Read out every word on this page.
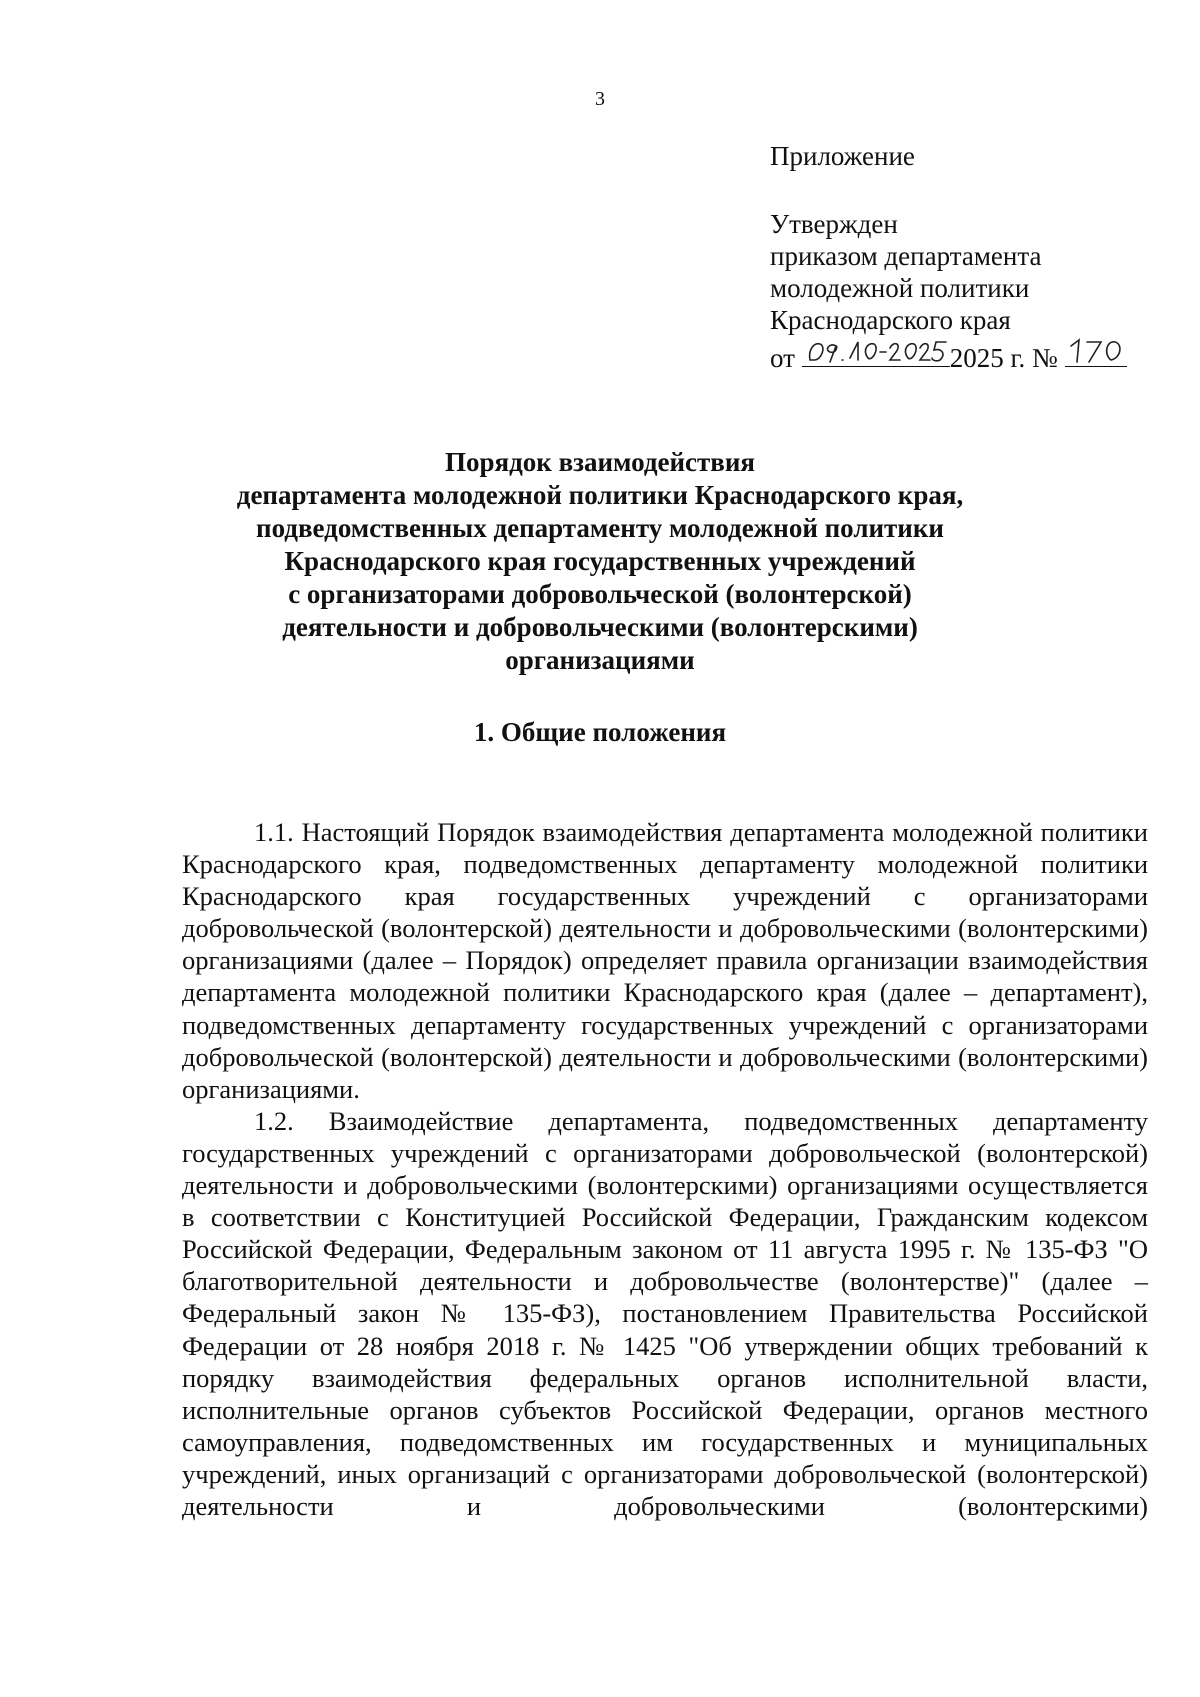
3
Приложение
Утвержден
приказом департамента
молодежной политики
Краснодарского края
от	2025 г. №
Порядок взаимодействия
департамента молодежной политики Краснодарского края,
подведомственных департаменту молодежной политики
Краснодарского края государственных учреждений
с организаторами добровольческой (волонтерской)
деятельности и добровольческими (волонтерскими)
организациями
1. Общие положения

1.1. Настоящий Порядок взаимодействия департамента молодежной политики Краснодарского края, подведомственных департаменту молодежной политики Краснодарского края государственных учреждений с организаторами добровольческой (волонтерской) деятельности и добровольческими (волонтерскими) организациями (далее – Порядок) определяет правила организации взаимодействия департамента молодежной политики Краснодарского края (далее – департамент), подведомственных департаменту государственных учреждений с организаторами добровольческой (волонтерской) деятельности и добровольческими (волонтерскими) организациями.

1.2. Взаимодействие департамента, подведомственных департаменту государственных учреждений с организаторами добровольческой (волонтерской) деятельности и добровольческими (волонтерскими) организациями осуществляется в соответствии с Конституцией Российской Федерации, Гражданским кодексом Российской Федерации, Федеральным законом от 11 августа 1995 г. № 135-ФЗ "О благотворительной деятельности и добровольчестве (волонтерстве)" (далее – Федеральный закон № 135-ФЗ), постановлением Правительства Российской Федерации от 28 ноября 2018 г. № 1425 "Об утверждении общих требований к порядку взаимодействия федеральных органов исполнительной власти, исполнительные органов субъектов Российской Федерации, органов местного самоуправления, подведомственных им государственных и муниципальных учреждений, иных организаций с организаторами добровольческой (волонтерской) деятельности и добровольческими (волонтерскими)
